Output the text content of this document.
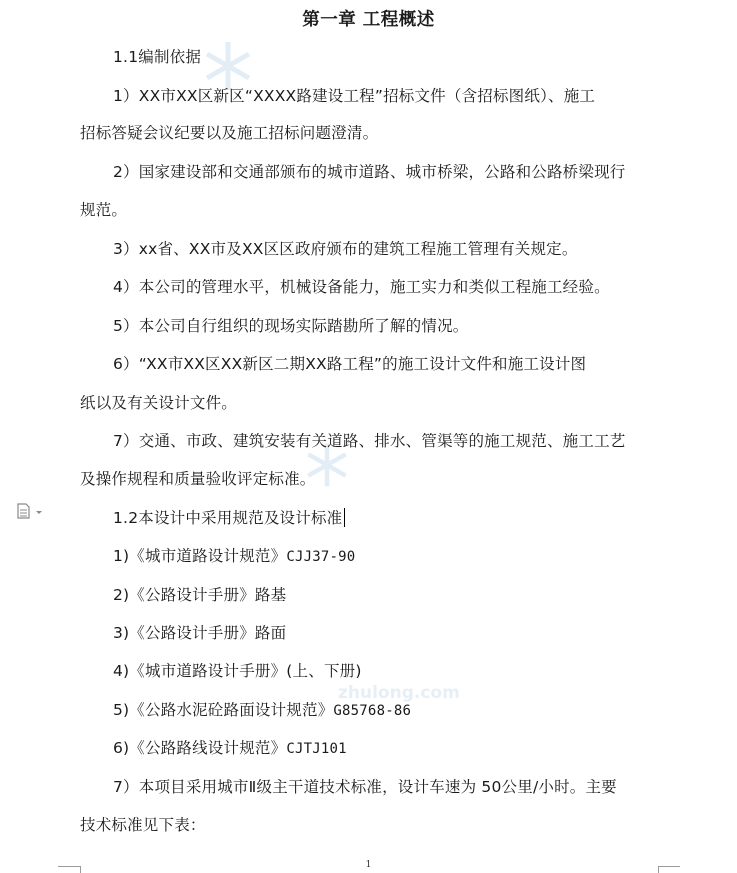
zhulong.com
第一章 工程概述

1.1编制依据

1）XX市XX区新区“XXXX路建设工程”招标文件（含招标图纸）、施工

招标答疑会议纪要以及施工招标问题澄清。

2）国家建设部和交通部颁布的城市道路、城市桥梁，公路和公路桥梁现行

规范。

3）xx省、XX市及XX区区政府颁布的建筑工程施工管理有关规定。

4）本公司的管理水平，机械设备能力，施工实力和类似工程施工经验。

5）本公司自行组织的现场实际踏勘所了解的情况。

6）“XX市XX区XX新区二期XX路工程”的施工设计文件和施工设计图

纸以及有关设计文件。

7）交通、市政、建筑安装有关道路、排水、管渠等的施工规范、施工工艺

及操作规程和质量验收评定标准。

1.2本设计中采用规范及设计标准

1)《城市道路设计规范》CJJ37-90

2)《公路设计手册》路基

3)《公路设计手册》路面

4)《城市道路设计手册》(上、下册)

5)《公路水泥砼路面设计规范》G85768-86

6)《公路路线设计规范》CJTJ101

7）本项目采用城市Ⅱ级主干道技术标准，设计车速为 50公里/小时。主要

技术标准见下表：

1
